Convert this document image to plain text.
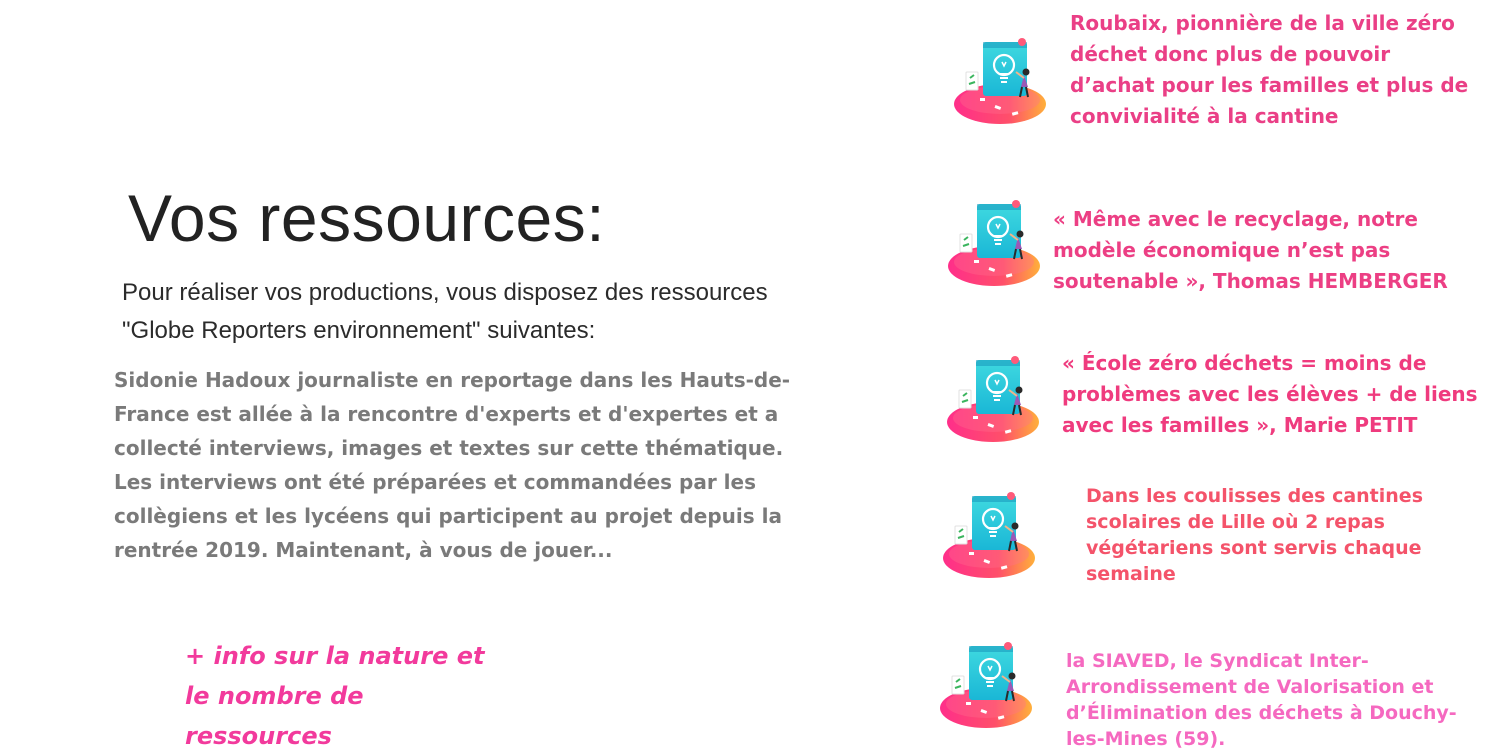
Vos ressources:

Pour réaliser vos productions, vous disposez des ressources "Globe Reporters environnement" suivantes:

Sidonie Hadoux journaliste en reportage dans les Hauts-de-France est allée à la rencontre d'experts et d'expertes et a collecté interviews, images et textes sur cette thématique. Les interviews ont été préparées et commandées par les collègiens et les lycéens qui participent au projet depuis la rentrée 2019. Maintenant, à vous de jouer...

+ info sur la nature et le nombre de ressources

Roubaix, pionnière de la ville zéro déchet donc plus de pouvoir d’achat pour les familles et plus de convivialité à la cantine

« Même avec le recyclage, notre modèle économique n’est pas soutenable », Thomas HEMBERGER

« École zéro déchets = moins de problèmes avec les élèves + de liens avec les familles », Marie PETIT

Dans les coulisses des cantines scolaires de Lille où 2 repas végétariens sont servis chaque semaine

la SIAVED, le Syndicat Inter-Arrondissement de Valorisation et d’Élimination des déchets à Douchy-les-Mines (59).
